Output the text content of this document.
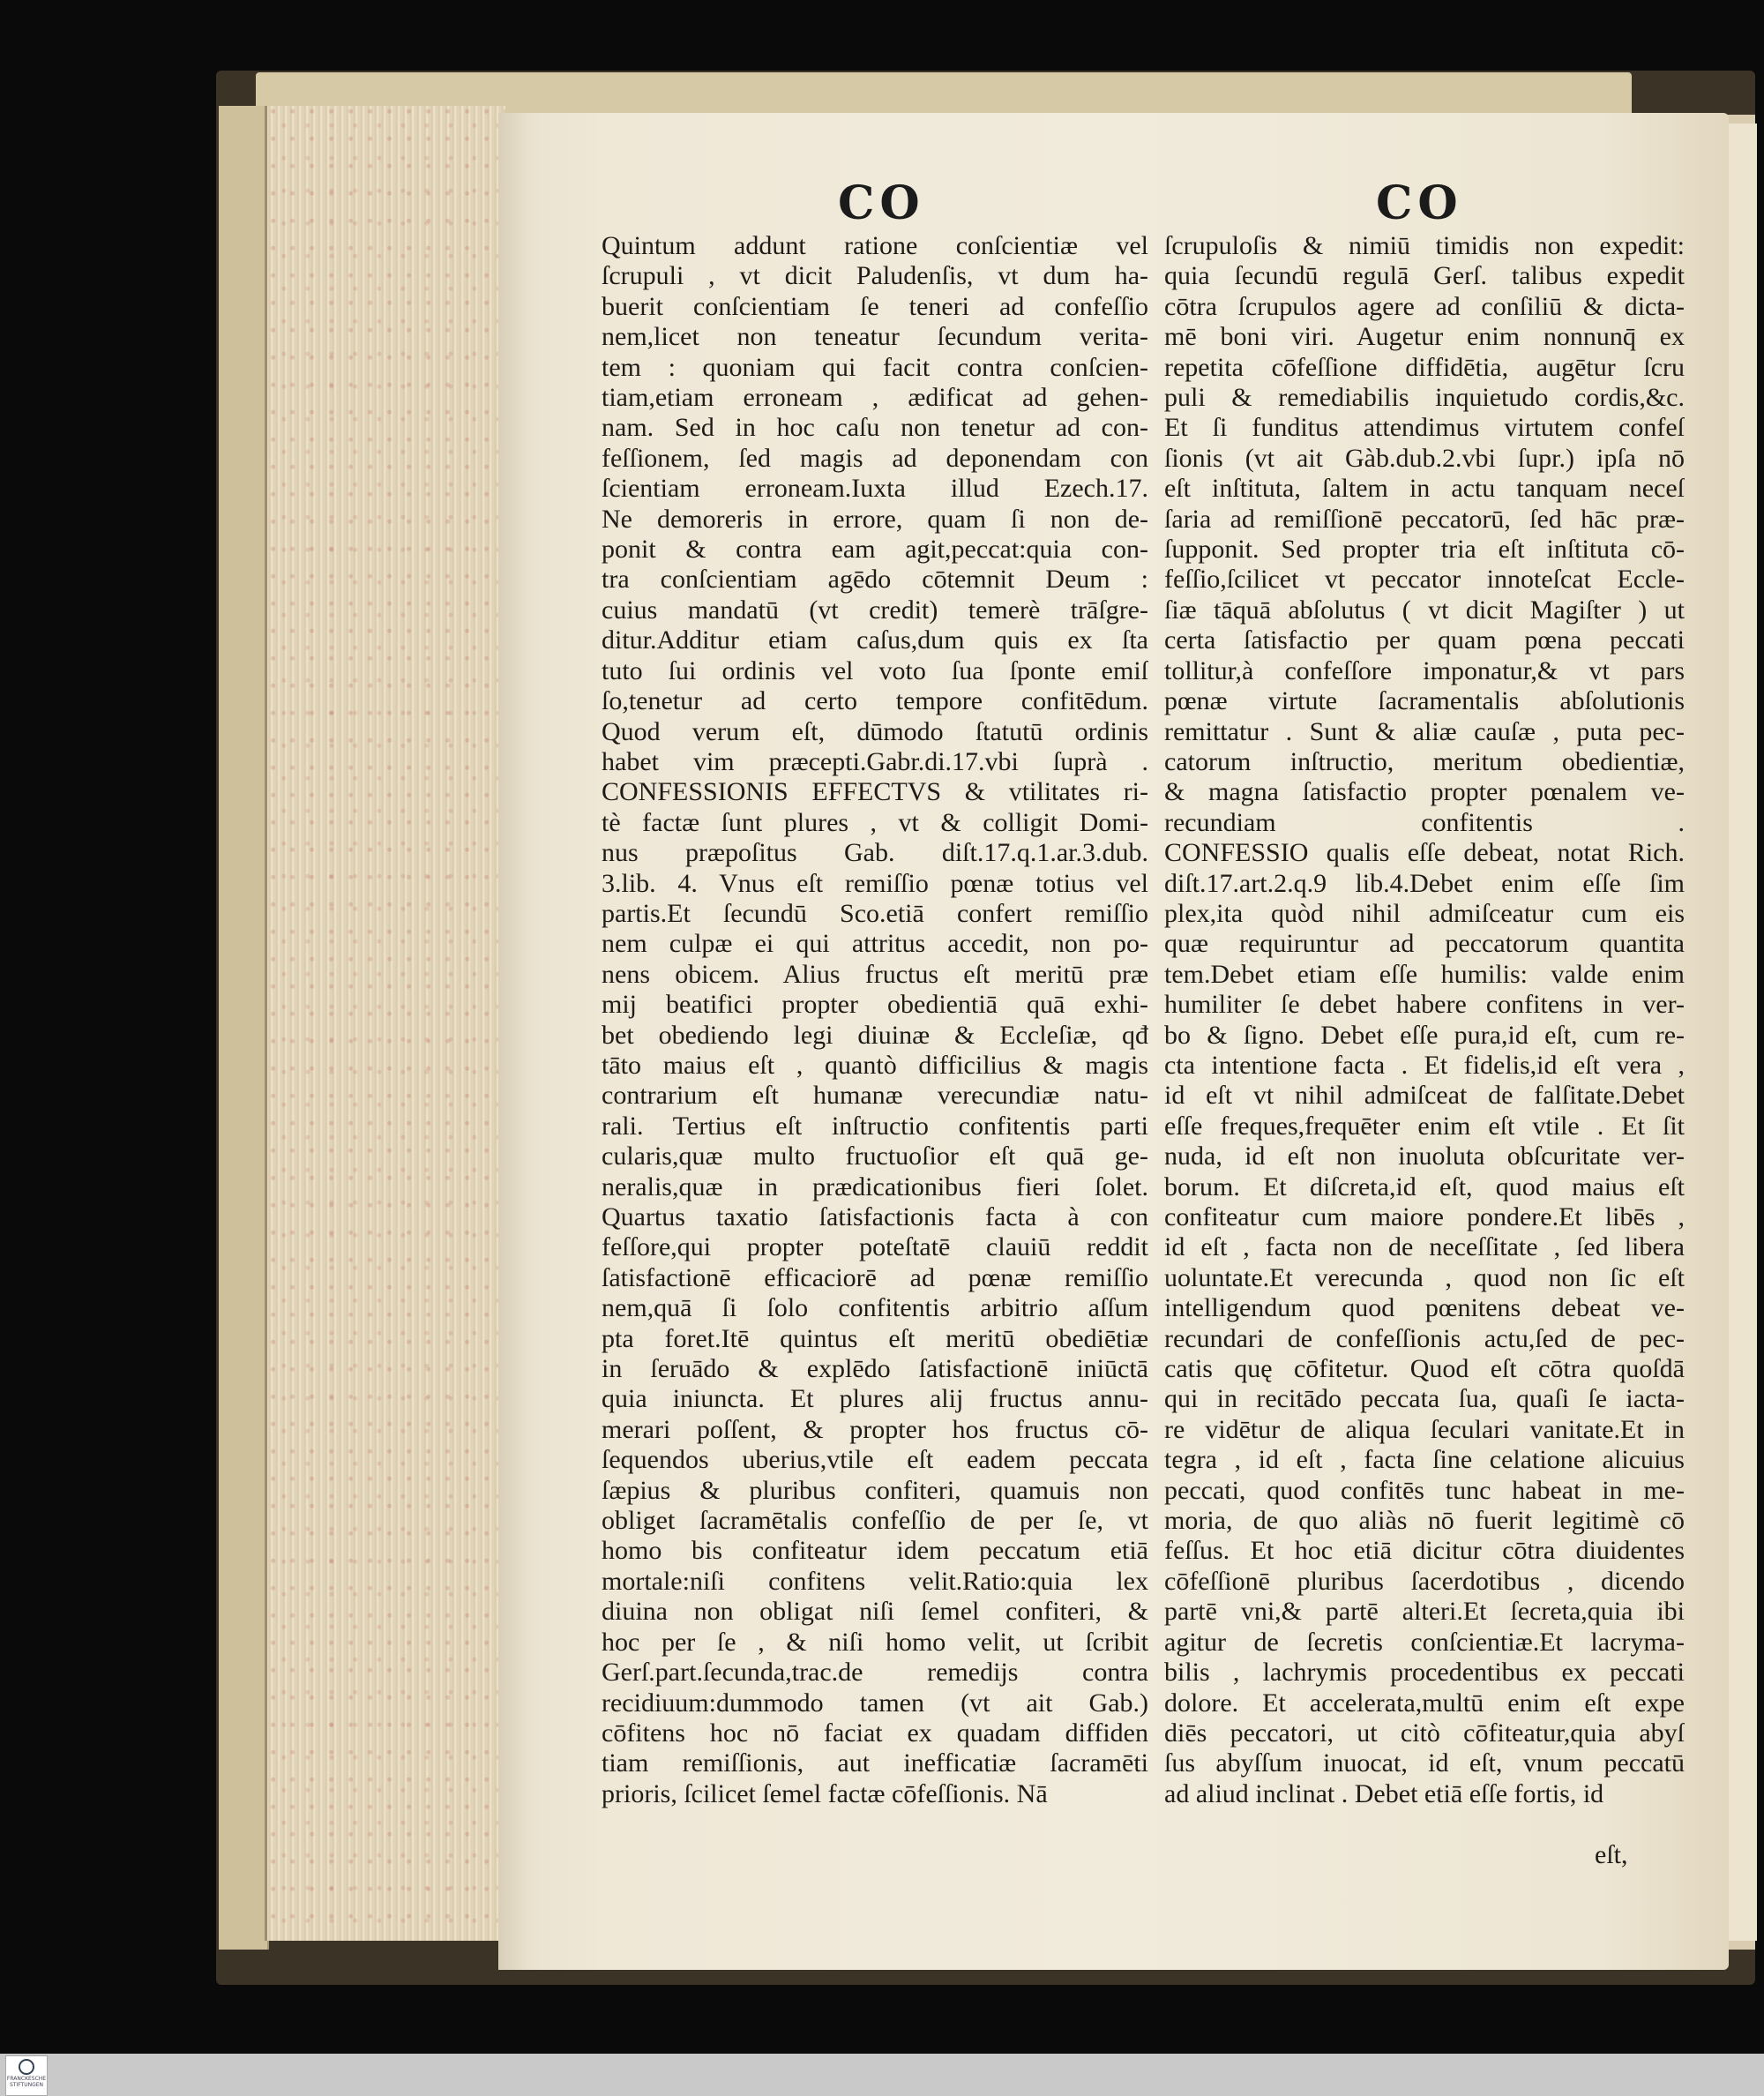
CO	CO
Quintum addunt ratione conſcientiæ vel
ſcrupuli , vt dicit Paludenſis, vt dum ha-
buerit conſcientiam ſe teneri ad confeſſio
nem,licet non teneatur ſecundum verita-
tem : quoniam qui facit contra conſcien-
tiam,etiam erroneam , ædificat ad gehen-
nam. Sed in hoc caſu non tenetur ad con-
feſſionem, ſed magis ad deponendam con
ſcientiam erroneam.Iuxta illud Ezech.17.
Ne demoreris in errore, quam ſi non de-
ponit & contra eam agit,peccat:quia con-
tra conſcientiam agēdo cōtemnit Deum :
cuius mandatū (vt credit) temerè trāſgre-
ditur.Additur etiam caſus,dum quis ex ſta
tuto ſui ordinis vel voto ſua ſponte emiſ
ſo,tenetur ad certo tempore confitēdum.
Quod verum eſt, dūmodo ſtatutū ordinis
habet vim præcepti.Gabr.di.17.vbi ſuprà .
CONFESSIONIS EFFECTVS & vtilitates ri-
tè factæ ſunt plures , vt & colligit Domi-
nus præpoſitus Gab. diſt.17.q.1.ar.3.dub.
3.lib. 4. Vnus eſt remiſſio pœnæ totius vel
partis.Et ſecundū Sco.etiā confert remiſſio
nem culpæ ei qui attritus accedit, non po-
nens obicem. Alius fructus eſt meritū præ
mij beatifici propter obedientiā quā exhi-
bet obediendo legi diuinæ & Eccleſiæ, qđ
tāto maius eſt , quantò difficilius & magis
contrarium eſt humanæ verecundiæ natu-
rali. Tertius eſt inſtructio confitentis parti
cularis,quæ multo fructuoſior eſt quā ge-
neralis,quæ in prædicationibus fieri ſolet.
Quartus taxatio ſatisfactionis facta à con
feſſore,qui propter poteſtatē clauiū reddit
ſatisfactionē efficaciorē ad pœnæ remiſſio
nem,quā ſi ſolo confitentis arbitrio aſſum
pta foret.Itē quintus eſt meritū obediētiæ
in ſeruādo & explēdo ſatisfactionē iniūctā
quia iniuncta. Et plures alij fructus annu-
merari poſſent, & propter hos fructus cō-
ſequendos uberius,vtile eſt eadem peccata
ſæpius & pluribus confiteri, quamuis non
obliget ſacramētalis confeſſio de per ſe, vt
homo bis confiteatur idem peccatum etiā
mortale:niſi confitens velit.Ratio:quia lex
diuina non obligat niſi ſemel confiteri, &
hoc per ſe , & niſi homo velit, ut ſcribit
Gerſ.part.ſecunda,trac.de remedijs contra
recidiuum:dummodo tamen (vt ait Gab.)
cōfitens hoc nō faciat ex quadam diffiden
tiam remiſſionis, aut inefficatiæ ſacramēti
prioris, ſcilicet ſemel factæ cōfeſſionis. Nā
ſcrupuloſis & nimiū timidis non expedit:
quia ſecundū regulā Gerſ. talibus expedit
cōtra ſcrupulos agere ad conſiliū & dicta-
mē boni viri. Augetur enim nonnunq̄ ex
repetita cōfeſſione diffidētia, augētur ſcru
puli & remediabilis inquietudo cordis,&c.
Et ſi funditus attendimus virtutem confeſ
ſionis (vt ait Gàb.dub.2.vbi ſupr.) ipſa nō
eſt inſtituta, ſaltem in actu tanquam neceſ
ſaria ad remiſſionē peccatorū, ſed hāc præ-
ſupponit. Sed propter tria eſt inſtituta cō-
feſſio,ſcilicet vt peccator innoteſcat Eccle-
ſiæ tāquā abſolutus ( vt dicit Magiſter ) ut
certa ſatisfactio per quam pœna peccati
tollitur,à confeſſore imponatur,& vt pars
pœnæ virtute ſacramentalis abſolutionis
remittatur . Sunt & aliæ cauſæ , puta pec-
catorum inſtructio, meritum obedientiæ,
& magna ſatisfactio propter pœnalem ve-
recundiam confitentis .
CONFESSIO qualis eſſe debeat, notat Rich.
diſt.17.art.2.q.9 lib.4.Debet enim eſſe ſim
plex,ita quòd nihil admiſceatur cum eis
quæ requiruntur ad peccatorum quantita
tem.Debet etiam eſſe humilis: valde enim
humiliter ſe debet habere confitens in ver-
bo & ſigno. Debet eſſe pura,id eſt, cum re-
cta intentione facta . Et fidelis,id eſt vera ,
id eſt vt nihil admiſceat de falſitate.Debet
eſſe freques,frequēter enim eſt vtile . Et ſit
nuda, id eſt non inuoluta obſcuritate ver-
borum. Et diſcreta,id eſt, quod maius eſt
confiteatur cum maiore pondere.Et libēs ,
id eſt , facta non de neceſſitate , ſed libera
uoluntate.Et verecunda , quod non ſic eſt
intelligendum quod pœnitens debeat ve-
recundari de confeſſionis actu,ſed de pec-
catis quę cōfitetur. Quod eſt cōtra quoſdā
qui in recitādo peccata ſua, quaſi ſe iacta-
re vidētur de aliqua ſeculari vanitate.Et in
tegra , id eſt , facta ſine celatione alicuius
peccati, quod confitēs tunc habeat in me-
moria, de quo aliàs nō fuerit legitimè cō
feſſus. Et hoc etiā dicitur cōtra diuidentes
cōfeſſionē pluribus ſacerdotibus , dicendo
partē vni,& partē alteri.Et ſecreta,quia ibi
agitur de ſecretis conſcientiæ.Et lacryma-
bilis , lachrymis procedentibus ex peccati
dolore. Et accelerata,multū enim eſt expe
diēs peccatori, ut citò cōfiteatur,quia abyſ
ſus abyſſum inuocat, id eſt, vnum peccatū
ad aliud inclinat . Debet etiā eſſe fortis, id
eſt,
FRANCKESCHE STIFTUNGEN
